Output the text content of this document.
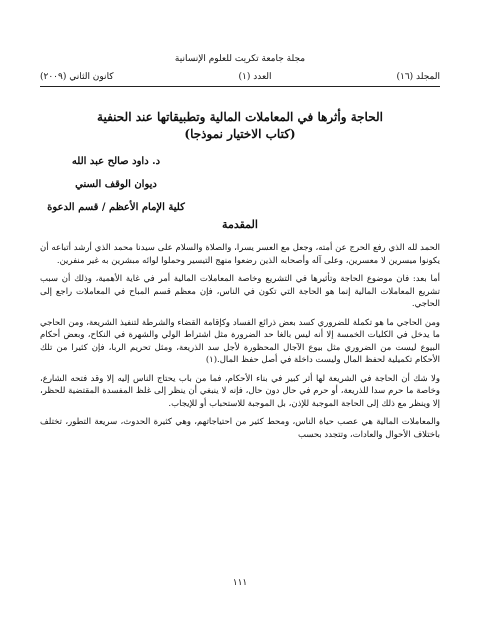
مجلة جامعة تكريت للعلوم الإنسانية
المجلد (١٦)
العدد (١)
كانون الثاني (٢٠٠٩)
الحاجة وأثرها في المعاملات المالية وتطبيقاتها عند الحنفية
(كتاب الاختيار نموذجا)
د. داود صالح عبد الله
ديوان الوقف السني
كلية الإمام الأعظم / قسم الدعوة
المقدمة

الحمد لله الذي رفع الحرج عن أمته، وجعل مع العسر يسرا، والصلاة والسلام على سيدنا محمد الذي أرشد أتباعه أن يكونوا ميسرين لا معسرين، وعلى آله وأصحابه الذين رضعوا منهج التيسير وحملوا لوائه مبشرين به غير منفرين.

أما بعد: فان موضوع الحاجة وتأثيرها في التشريع وخاصة المعاملات المالية أمر في غاية الأهمية، وذلك أن سبب تشريع المعاملات المالية إنما هو الحاجة التي تكون في الناس، فإن معظم قسم المباح في المعاملات راجع إلى الحاجي.

ومن الحاجي ما هو تكملة للضروري كسد بعض ذرائع الفساد وكإقامة القضاء والشرطة لتنفيذ الشريعة، ومن الحاجي ما يدخل في الكليات الخمسة إلا أنه ليس بالغا حد الضرورة مثل اشتراط الولي والشهرة في النكاح، وبعض أحكام البيوع ليست من الضروري مثل بيوع الآجال المحظورة لأجل سد الذريعة، ومثل تحريم الربا، فإن كثيرا من تلك الأحكام تكميلية لحفظ المال وليست داخلة في أصل حفظ المال.(١)

ولا شك أن الحاجة في الشريعة لها أثر كبير في بناء الأحكام، فما من باب يحتاج الناس إليه إلا وقد فتحه الشارع، وخاصة ما حرم سدا للذريعة، أو حرم في حال دون حال، فإنه لا ينبغي أن ينظر إلى غلظ المفسدة المقتضية للحظر، إلا وينظر مع ذلك إلى الحاجة الموجبة للإذن، بل الموجبة للاستحباب أو للإيجاب.

والمعاملات المالية هي عصب حياة الناس، ومحط كثير من احتياجاتهم، وهي كثيرة الحدوث، سريعة التطور، تختلف باختلاف الأحوال والعادات، وتتجدد بحسب

١١١
